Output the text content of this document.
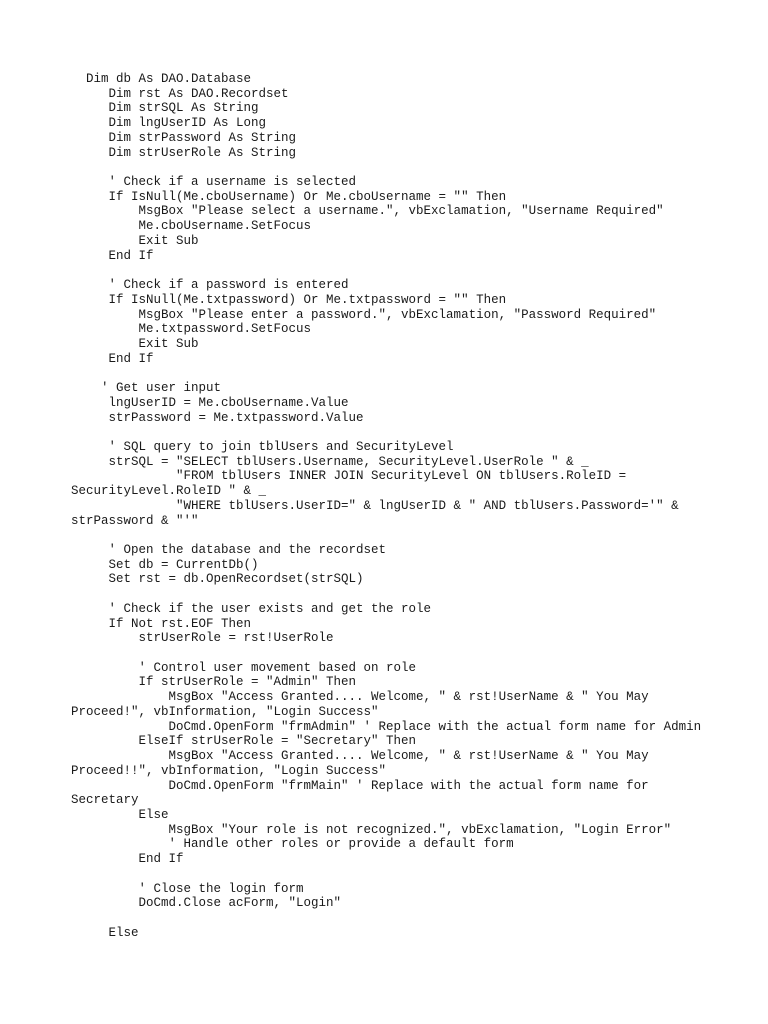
Dim db As DAO.Database
Dim rst As DAO.Recordset
Dim strSQL As String
Dim lngUserID As Long
Dim strPassword As String
Dim strUserRole As String
' Check if a username is selected
If IsNull(Me.cboUsername) Or Me.cboUsername = "" Then
MsgBox "Please select a username.", vbExclamation, "Username Required"
Me.cboUsername.SetFocus
Exit Sub
End If
' Check if a password is entered
If IsNull(Me.txtpassword) Or Me.txtpassword = "" Then
MsgBox "Please enter a password.", vbExclamation, "Password Required"
Me.txtpassword.SetFocus
Exit Sub
End If
' Get user input
lngUserID = Me.cboUsername.Value
strPassword = Me.txtpassword.Value
' SQL query to join tblUsers and SecurityLevel
strSQL = "SELECT tblUsers.Username, SecurityLevel.UserRole " & _
"FROM tblUsers INNER JOIN SecurityLevel ON tblUsers.RoleID =
SecurityLevel.RoleID " & _
"WHERE tblUsers.UserID=" & lngUserID & " AND tblUsers.Password='" &
strPassword & "'"
' Open the database and the recordset
Set db = CurrentDb()
Set rst = db.OpenRecordset(strSQL)
' Check if the user exists and get the role
If Not rst.EOF Then
strUserRole = rst!UserRole
' Control user movement based on role
If strUserRole = "Admin" Then
MsgBox "Access Granted.... Welcome, " & rst!UserName & " You May
Proceed!", vbInformation, "Login Success"
DoCmd.OpenForm "frmAdmin" ' Replace with the actual form name for Admin
ElseIf strUserRole = "Secretary" Then
MsgBox "Access Granted.... Welcome, " & rst!UserName & " You May
Proceed!!", vbInformation, "Login Success"
DoCmd.OpenForm "frmMain" ' Replace with the actual form name for
Secretary
Else
MsgBox "Your role is not recognized.", vbExclamation, "Login Error"
' Handle other roles or provide a default form
End If
' Close the login form
DoCmd.Close acForm, "Login"
Else
